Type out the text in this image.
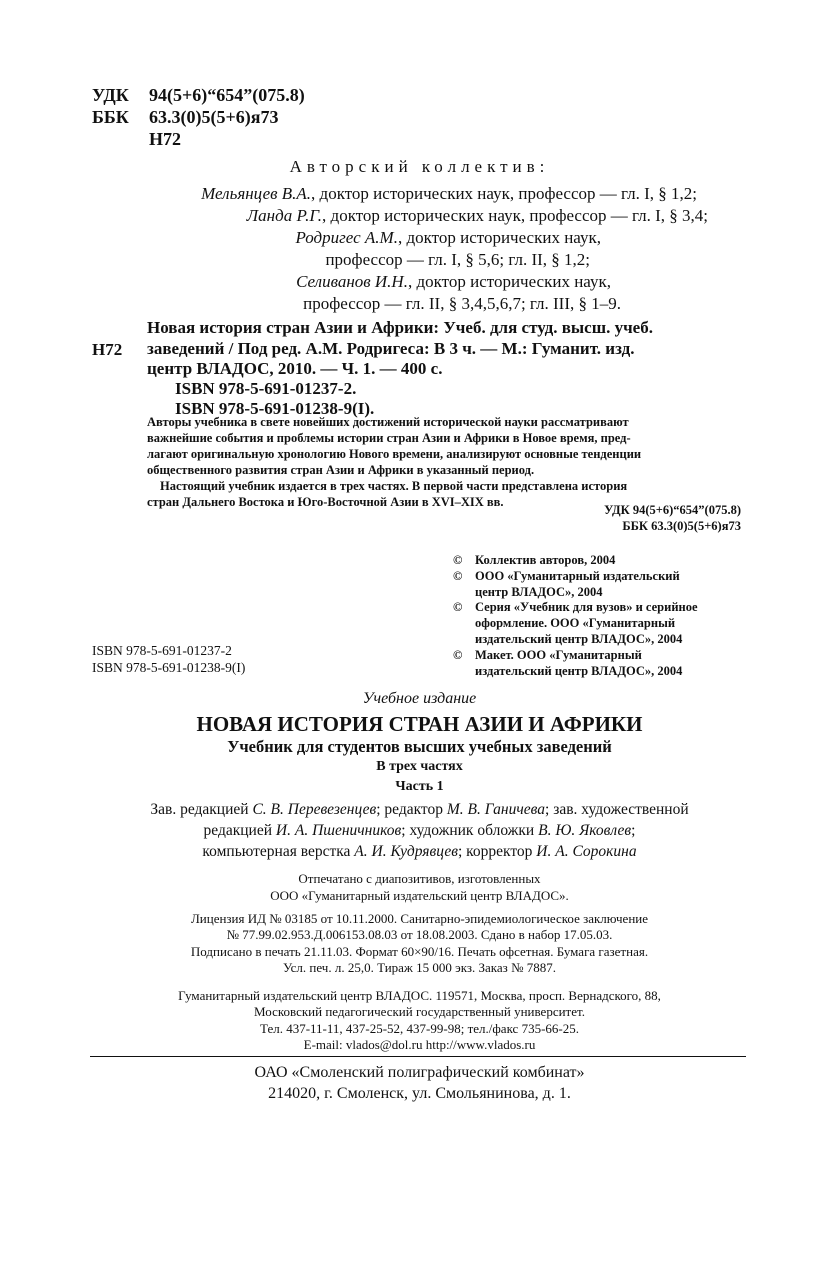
УДК 94(5+6)“654”(075.8)
ББК 63.3(0)5(5+6)я73
Н72
Авторский коллектив:
Мельянцев В.А., доктор исторических наук, профессор — гл. I, § 1,2;
Ланда Р.Г., доктор исторических наук, профессор — гл. I, § 3,4;
Родригес А.М., доктор исторических наук,
профессор — гл. I, § 5,6; гл. II, § 1,2;
Селиванов И.Н., доктор исторических наук,
профессор — гл. II, § 3,4,5,6,7; гл. III, § 1–9.
Н72
Новая история стран Азии и Африки: Учеб. для студ. высш. учеб.
заведений / Под ред. А.М. Родригеса: В 3 ч. — М.: Гуманит. изд.
центр ВЛАДОС, 2010. — Ч. 1. — 400 с.
ISBN 978-5-691-01237-2.
ISBN 978-5-691-01238-9(I).
Авторы учебника в свете новейших достижений исторической науки рассматривают
важнейшие события и проблемы истории стран Азии и Африки в Новое время, пред-
лагают оригинальную хронологию Нового времени, анализируют основные тенденции
общественного развития стран Азии и Африки в указанный период.
Настоящий учебник издается в трех частях. В первой части представлена история
стран Дальнего Востока и Юго-Восточной Азии в XVI–XIX вв.
УДК 94(5+6)“654”(075.8)
ББК 63.3(0)5(5+6)я73
© Коллектив авторов, 2004
© ООО «Гуманитарный издательский
центр ВЛАДОС», 2004
© Серия «Учебник для вузов» и серийное
оформление. ООО «Гуманитарный
издательский центр ВЛАДОС», 2004
© Макет. ООО «Гуманитарный
издательский центр ВЛАДОС», 2004
ISBN 978-5-691-01237-2
ISBN 978-5-691-01238-9(I)
Учебное издание
НОВАЯ ИСТОРИЯ СТРАН АЗИИ И АФРИКИ
Учебник для студентов высших учебных заведений
В трех частях
Часть 1
Зав. редакцией С. В. Перевезенцев; редактор М. В. Ганичева; зав. художественной
редакцией И. А. Пшеничников; художник обложки В. Ю. Яковлев;
компьютерная верстка А. И. Кудрявцев; корректор И. А. Сорокина
Отпечатано с диапозитивов, изготовленных
ООО «Гуманитарный издательский центр ВЛАДОС».
Лицензия ИД № 03185 от 10.11.2000. Санитарно-эпидемиологическое заключение
№ 77.99.02.953.Д.006153.08.03 от 18.08.2003. Сдано в набор 17.05.03.
Подписано в печать 21.11.03. Формат 60×90/16. Печать офсетная. Бумага газетная.
Усл. печ. л. 25,0. Тираж 15 000 экз. Заказ № 7887.
Гуманитарный издательский центр ВЛАДОС. 119571, Москва, просп. Вернадского, 88,
Московский педагогический государственный университет.
Тел. 437-11-11, 437-25-52, 437-99-98; тел./факс 735-66-25.
E-mail: vlados@dol.ru http://www.vlados.ru
ОАО «Смоленский полиграфический комбинат»
214020, г. Смоленск, ул. Смольянинова, д. 1.
